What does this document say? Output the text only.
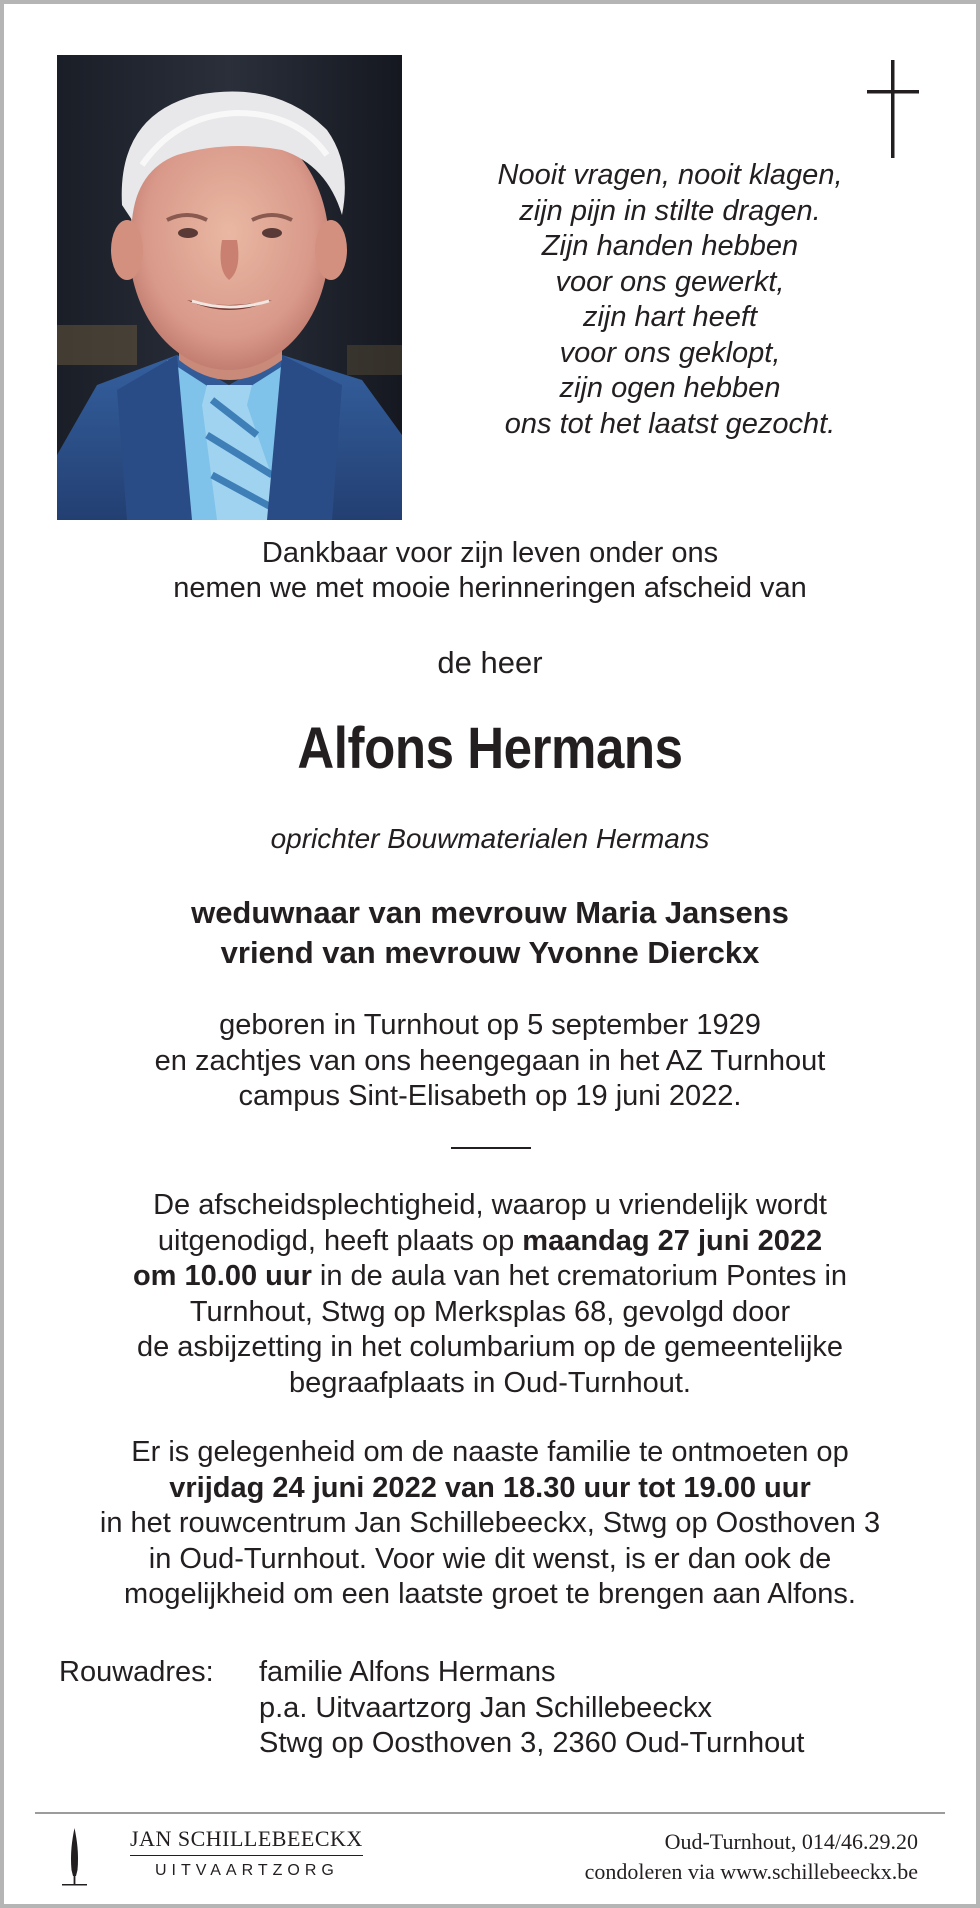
Nooit vragen, nooit klagen,
zijn pijn in stilte dragen.
Zijn handen hebben
voor ons gewerkt,
zijn hart heeft
voor ons geklopt,
zijn ogen hebben
ons tot het laatst gezocht.
Dankbaar voor zijn leven onder ons
nemen we met mooie herinneringen afscheid van
de heer
Alfons Hermans
oprichter Bouwmaterialen Hermans
weduwnaar van mevrouw Maria Jansens
vriend van mevrouw Yvonne Dierckx
geboren in Turnhout op 5 september 1929
en zachtjes van ons heengegaan in het AZ Turnhout
campus Sint-Elisabeth op 19 juni 2022.
De afscheidsplechtigheid, waarop u vriendelijk wordt
uitgenodigd, heeft plaats op maandag 27 juni 2022
om 10.00 uur in de aula van het crematorium Pontes in
Turnhout, Stwg op Merksplas 68, gevolgd door
de asbijzetting in het columbarium op de gemeentelijke
begraafplaats in Oud-Turnhout.
Er is gelegenheid om de naaste familie te ontmoeten op
vrijdag 24 juni 2022 van 18.30 uur tot 19.00 uur
in het rouwcentrum Jan Schillebeeckx, Stwg op Oosthoven 3
in Oud-Turnhout. Voor wie dit wenst, is er dan ook de
mogelijkheid om een laatste groet te brengen aan Alfons.
Rouwadres: familie Alfons Hermans
p.a. Uitvaartzorg Jan Schillebeeckx
Stwg op Oosthoven 3, 2360 Oud-Turnhout
JAN SCHILLEBEECKX
UITVAARTZORG
Oud-Turnhout, 014/46.29.20
condoleren via www.schillebeeckx.be
